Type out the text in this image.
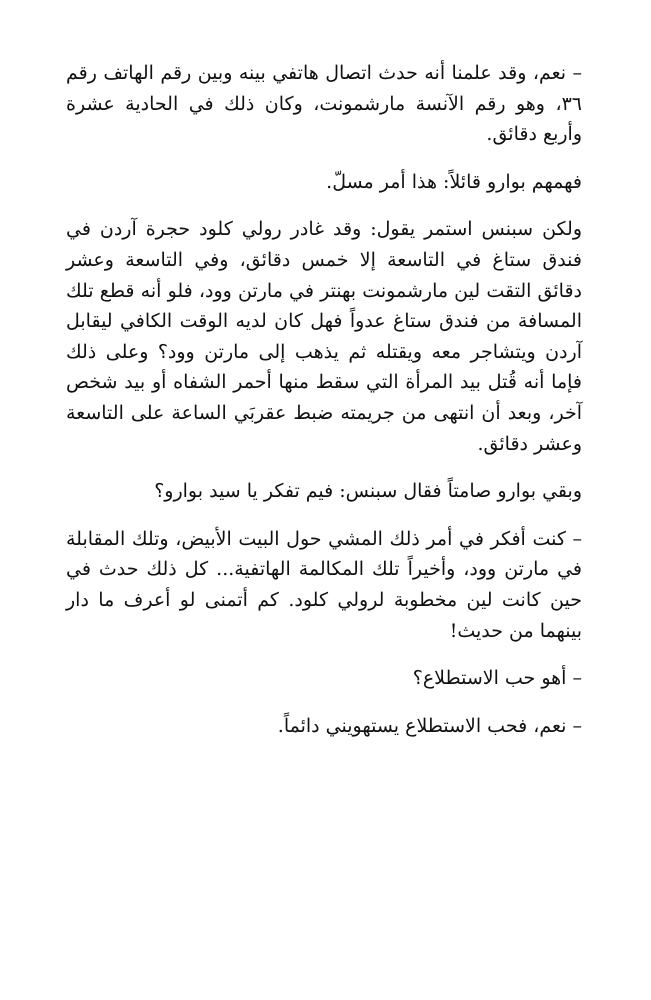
– نعم، وقد علمنا أنه حدث اتصال هاتفي بينه وبين رقم الهاتف رقم ٣٦، وهو رقم الآنسة مارشمونت، وكان ذلك في الحادية عشرة وأربع دقائق.

فهمهم بوارو قائلاً: هذا أمر مسلّ.

ولكن سبنس استمر يقول: وقد غادر رولي كلود حجرة آردن في فندق ستاغ في التاسعة إلا خمس دقائق، وفي التاسعة وعشر دقائق التقت لين مارشمونت بهنتر في مارتن وود، فلو أنه قطع تلك المسافة من فندق ستاغ عدواً فهل كان لديه الوقت الكافي ليقابل آردن ويتشاجر معه ويقتله ثم يذهب إلى مارتن وود؟ وعلى ذلك فإما أنه قُتل بيد المرأة التي سقط منها أحمر الشفاه أو بيد شخص آخر، وبعد أن انتهى من جريمته ضبط عقربَي الساعة على التاسعة وعشر دقائق.

وبقي بوارو صامتاً فقال سبنس: فيم تفكر يا سيد بوارو؟

– كنت أفكر في أمر ذلك المشي حول البيت الأبيض، وتلك المقابلة في مارتن وود، وأخيراً تلك المكالمة الهاتفية... كل ذلك حدث في حين كانت لين مخطوبة لرولي كلود. كم أتمنى لو أعرف ما دار بينهما من حديث!

– أهو حب الاستطلاع؟

– نعم، فحب الاستطلاع يستهويني دائماً.
